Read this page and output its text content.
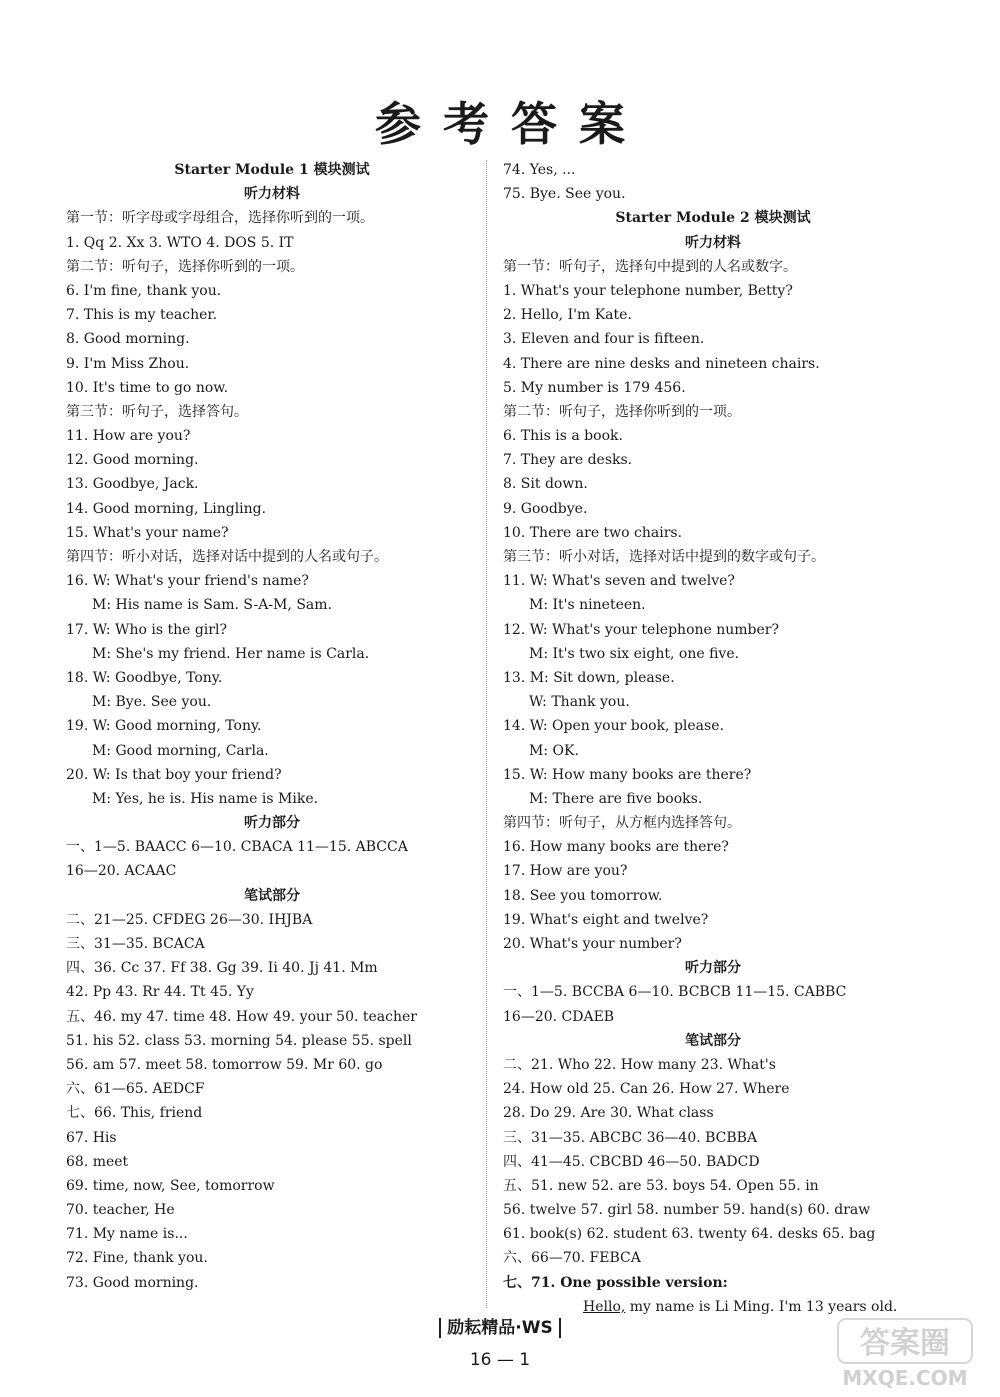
参考答案
Starter Module 1 模块测试
听力材料
第一节：听字母或字母组合，选择你听到的一项。
1. Qq 2. Xx 3. WTO 4. DOS 5. IT
第二节：听句子，选择你听到的一项。
6. I'm fine, thank you.
7. This is my teacher.
8. Good morning.
9. I'm Miss Zhou.
10. It's time to go now.
第三节：听句子，选择答句。
11. How are you?
12. Good morning.
13. Goodbye, Jack.
14. Good morning, Lingling.
15. What's your name?
第四节：听小对话，选择对话中提到的人名或句子。
16. W: What's your friend's name?
M: His name is Sam. S-A-M, Sam.
17. W: Who is the girl?
M: She's my friend. Her name is Carla.
18. W: Goodbye, Tony.
M: Bye. See you.
19. W: Good morning, Tony.
M: Good morning, Carla.
20. W: Is that boy your friend?
M: Yes, he is. His name is Mike.
听力部分
一、1—5. BAACC 6—10. CBACA 11—15. ABCCA
16—20. ACAAC
笔试部分
二、21—25. CFDEG 26—30. IHJBA
三、31—35. BCACA
四、36. Cc 37. Ff 38. Gg 39. Ii 40. Jj 41. Mm
42. Pp 43. Rr 44. Tt 45. Yy
五、46. my 47. time 48. How 49. your 50. teacher
51. his 52. class 53. morning 54. please 55. spell
56. am 57. meet 58. tomorrow 59. Mr 60. go
六、61—65. AEDCF
七、66. This, friend
67. His
68. meet
69. time, now, See, tomorrow
70. teacher, He
71. My name is...
72. Fine, thank you.
73. Good morning.
74. Yes, ...
75. Bye. See you.
Starter Module 2 模块测试
听力材料
第一节：听句子，选择句中提到的人名或数字。
1. What's your telephone number, Betty?
2. Hello, I'm Kate.
3. Eleven and four is fifteen.
4. There are nine desks and nineteen chairs.
5. My number is 179 456.
第二节：听句子，选择你听到的一项。
6. This is a book.
7. They are desks.
8. Sit down.
9. Goodbye.
10. There are two chairs.
第三节：听小对话，选择对话中提到的数字或句子。
11. W: What's seven and twelve?
M: It's nineteen.
12. W: What's your telephone number?
M: It's two six eight, one five.
13. M: Sit down, please.
W: Thank you.
14. W: Open your book, please.
M: OK.
15. W: How many books are there?
M: There are five books.
第四节：听句子，从方框内选择答句。
16. How many books are there?
17. How are you?
18. See you tomorrow.
19. What's eight and twelve?
20. What's your number?
听力部分
一、1—5. BCCBA 6—10. BCBCB 11—15. CABBC
16—20. CDAEB
笔试部分
二、21. Who 22. How many 23. What's
24. How old 25. Can 26. How 27. Where
28. Do 29. Are 30. What class
三、31—35. ABCBC 36—40. BCBBA
四、41—45. CBCBD 46—50. BADCD
五、51. new 52. are 53. boys 54. Open 55. in
56. twelve 57. girl 58. number 59. hand(s) 60. draw
61. book(s) 62. student 63. twenty 64. desks 65. bag
六、66—70. FEBCA
七、71. One possible version:
Hello, my name is Li Ming. I'm 13 years old.
励耘精品·WS
16 — 1	答案圈
MXQE.COM
